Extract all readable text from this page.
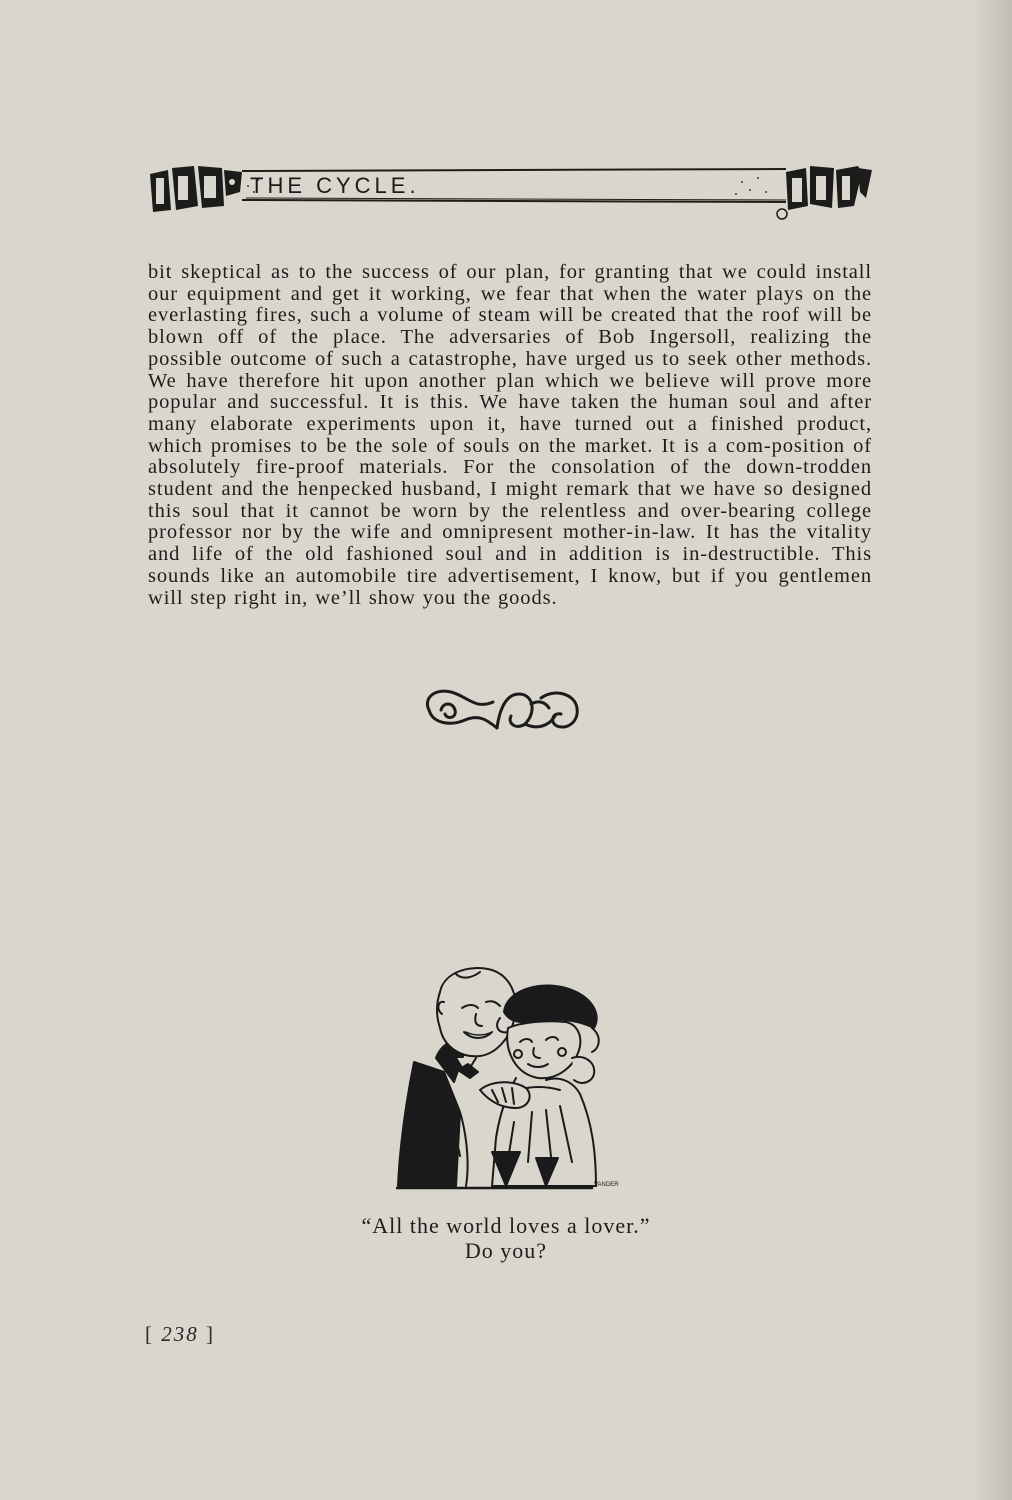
THE CYCLE.
bit skeptical as to the success of our plan, for granting that we could install our equipment and get it working, we fear that when the water plays on the everlasting fires, such a volume of steam will be created that the roof will be blown off of the place. The adversaries of Bob Ingersoll, realizing the possible outcome of such a catastrophe, have urged us to seek other methods. We have therefore hit upon another plan which we believe will prove more popular and successful. It is this. We have taken the human soul and after many elaborate experiments upon it, have turned out a finished product, which promises to be the sole of souls on the market. It is a com-position of absolutely fire-proof materials. For the consolation of the down-trodden student and the henpecked husband, I might remark that we have so designed this soul that it cannot be worn by the relentless and over-bearing college professor nor by the wife and omnipresent mother-in-law. It has the vitality and life of the old fashioned soul and in addition is in-destructible. This sounds like an automobile tire advertisement, I know, but if you gentlemen will step right in, we’ll show you the goods.
VANDER
“All the world loves a lover.”
Do you?
[ 238 ]
